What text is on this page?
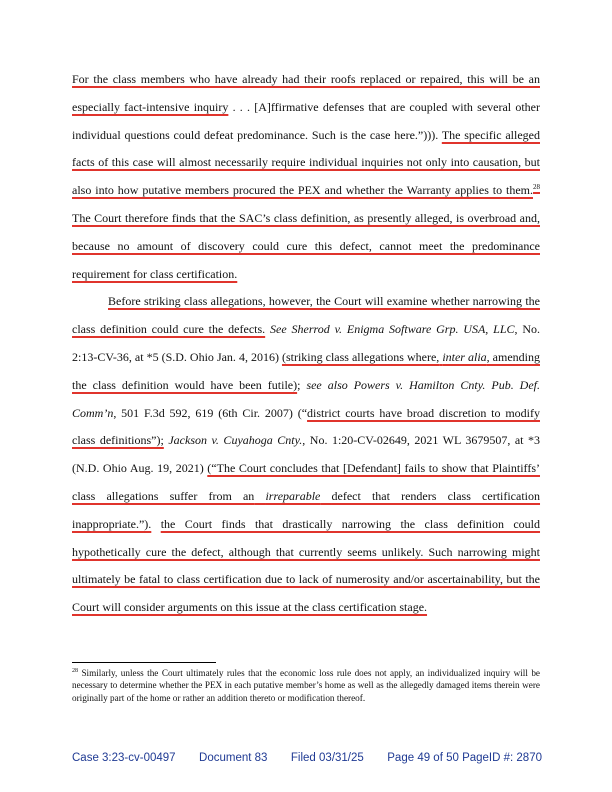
For the class members who have already had their roofs replaced or repaired, this will be an especially fact-intensive inquiry . . . [A]ffirmative defenses that are coupled with several other individual questions could defeat predominance. Such is the case here.”))). The specific alleged facts of this case will almost necessarily require individual inquiries not only into causation, but also into how putative members procured the PEX and whether the Warranty applies to them.$^{28}$ The Court therefore finds that the SAC’s class definition, as presently alleged, is overbroad and, because no amount of discovery could cure this defect, cannot meet the predominance requirement for class certification.

Before striking class allegations, however, the Court will examine whether narrowing the class definition could cure the defects. See Sherrod v. Enigma Software Grp. USA, LLC, No. 2:13-CV-36, at *5 (S.D. Ohio Jan. 4, 2016) (striking class allegations where, inter alia, amending the class definition would have been futile); see also Powers v. Hamilton Cnty. Pub. Def. Comm’n, 501 F.3d 592, 619 (6th Cir. 2007) (“district courts have broad discretion to modify class definitions”); Jackson v. Cuyahoga Cnty., No. 1:20-CV-02649, 2021 WL 3679507, at *3 (N.D. Ohio Aug. 19, 2021) (“The Court concludes that [Defendant] fails to show that Plaintiffs’ class allegations suffer from an irreparable defect that renders class certification inappropriate.”). the Court finds that drastically narrowing the class definition could hypothetically cure the defect, although that currently seems unlikely. Such narrowing might ultimately be fatal to class certification due to lack of numerosity and/or ascertainability, but the Court will consider arguments on this issue at the class certification stage.

$^{28}$ Similarly, unless the Court ultimately rules that the economic loss rule does not apply, an individualized inquiry will be necessary to determine whether the PEX in each putative member’s home as well as the allegedly damaged items therein were originally part of the home or rather an addition thereto or modification thereof.
Case 3:23-cv-00497 Document 83 Filed 03/31/25 Page 49 of 50 PageID #: 2870
